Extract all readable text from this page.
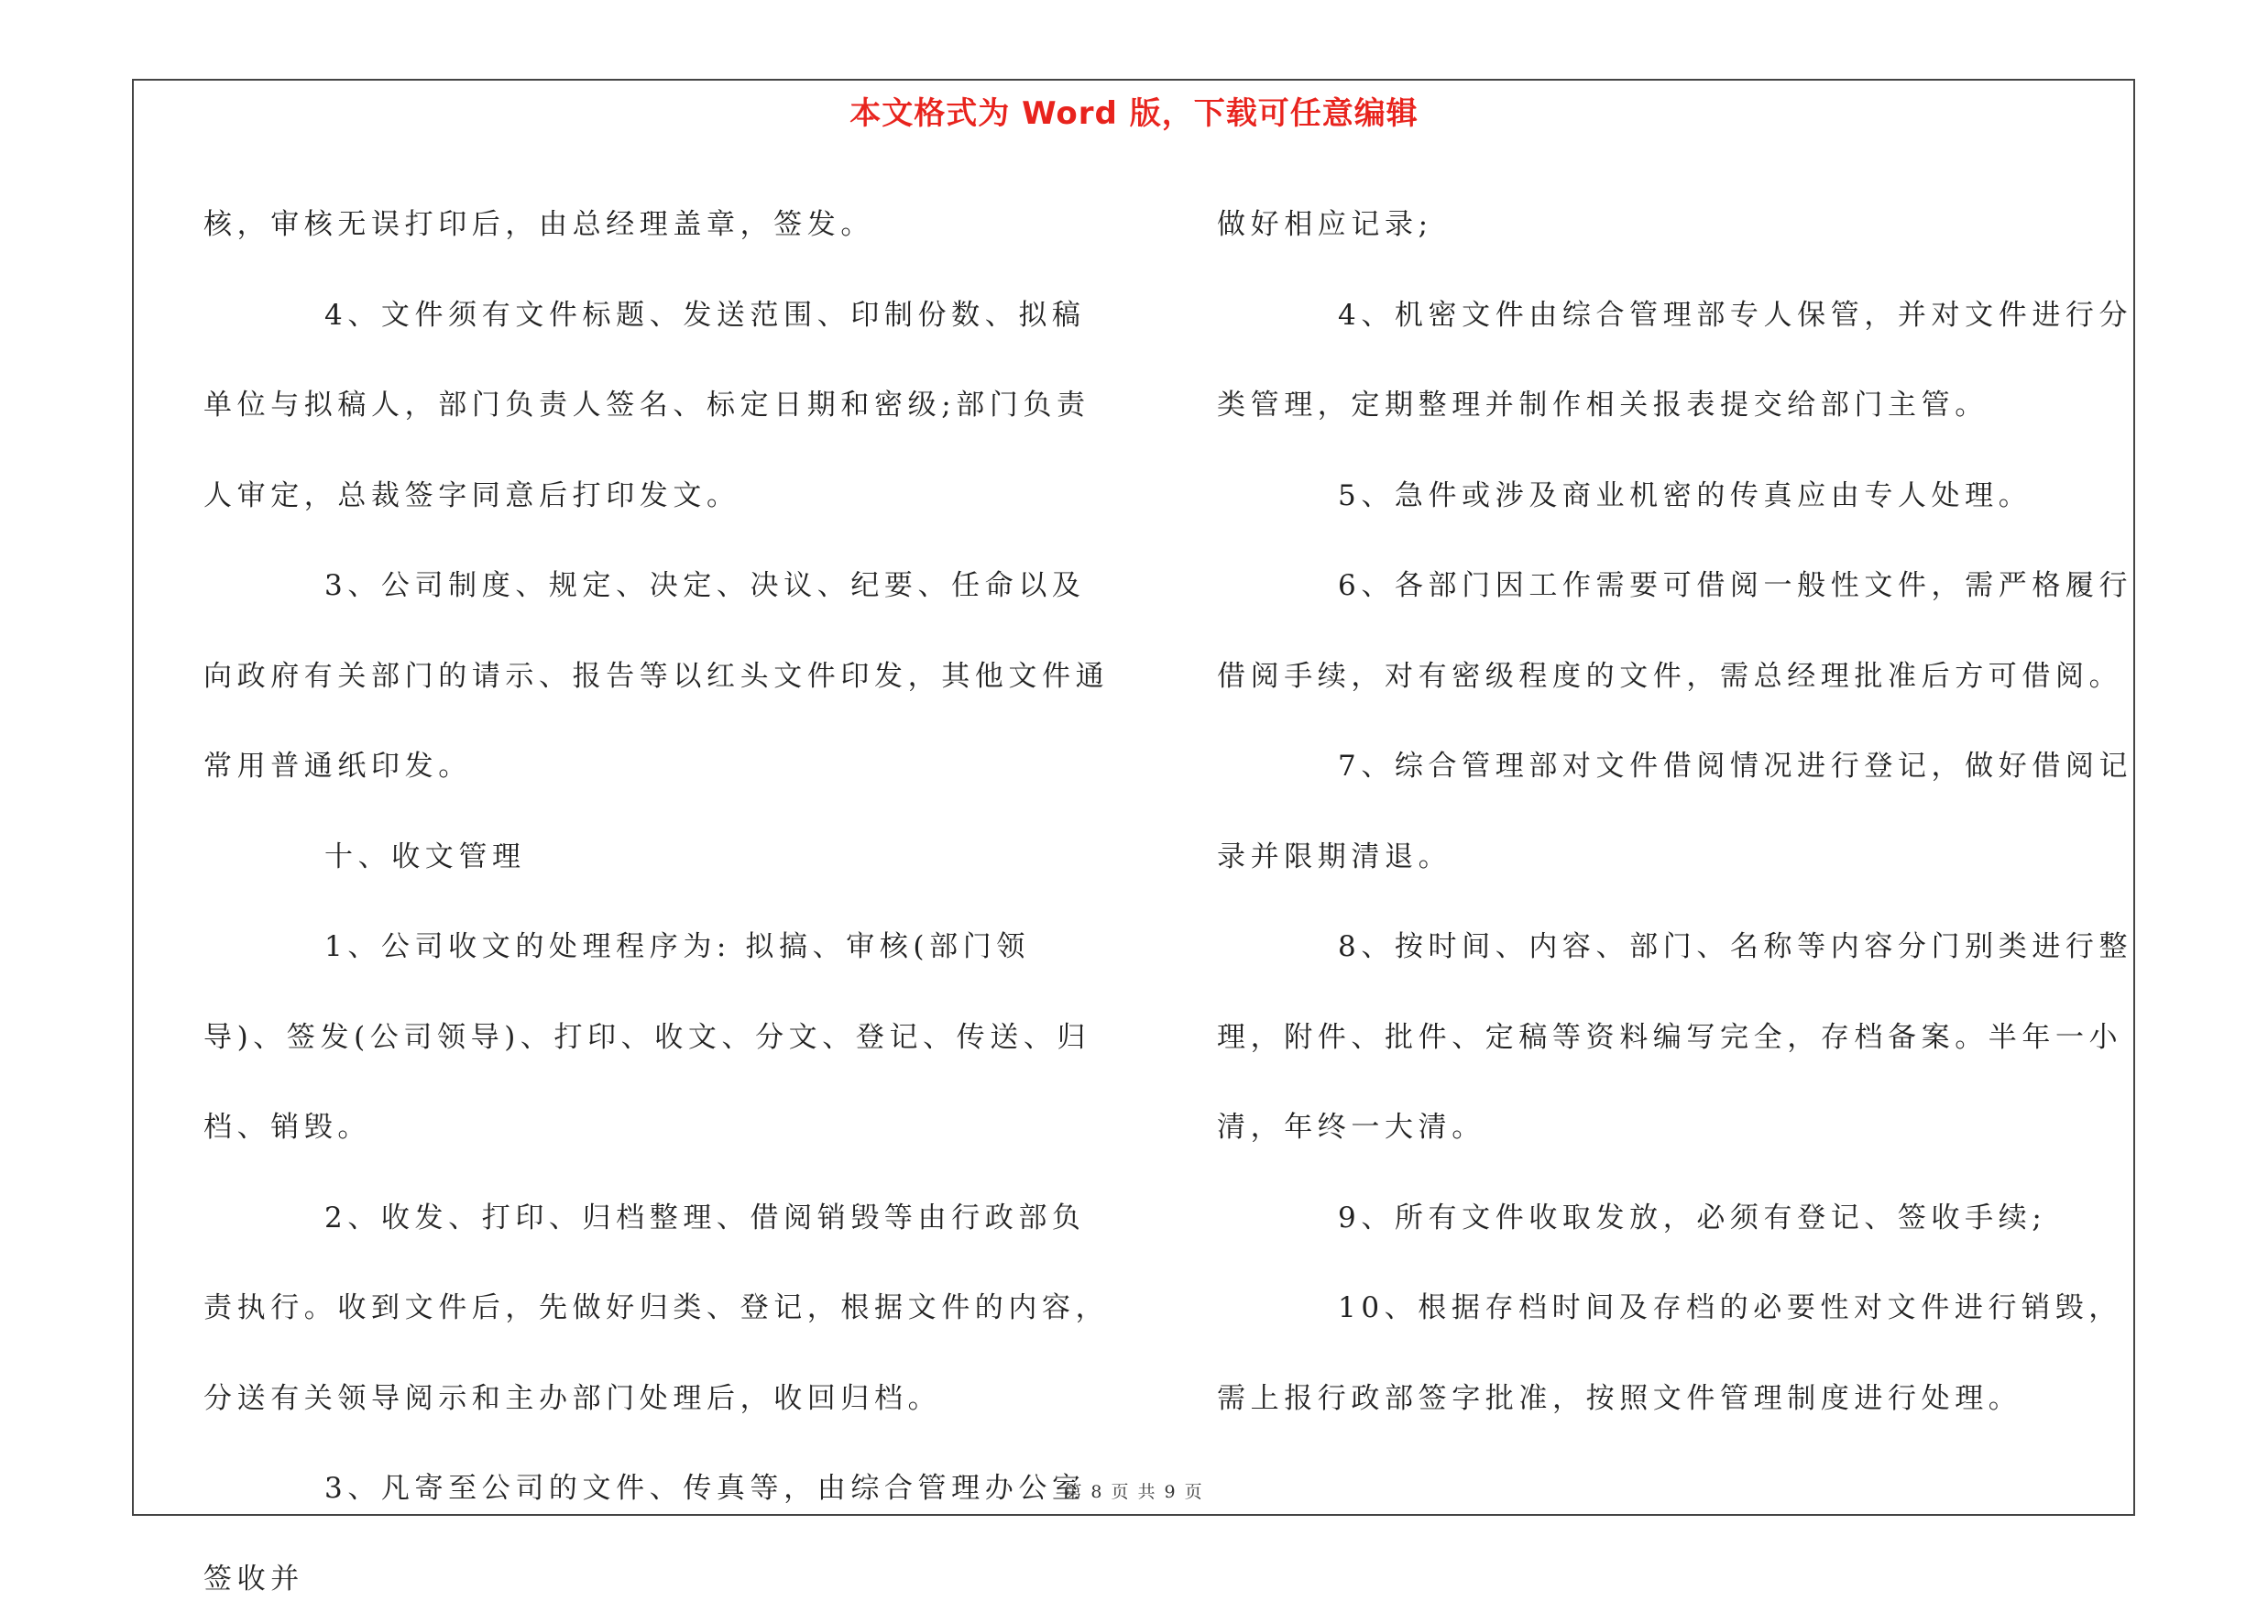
本文格式为 Word 版，下载可任意编辑

核，审核无误打印后，由总经理盖章，签发。

4、文件须有文件标题、发送范围、印制份数、拟稿单位与拟稿人，部门负责人签名、标定日期和密级;部门负责人审定，总裁签字同意后打印发文。

3、公司制度、规定、决定、决议、纪要、任命以及向政府有关部门的请示、报告等以红头文件印发，其他文件通常用普通纸印发。

十、收文管理

1、公司收文的处理程序为: 拟搞、审核(部门领导)、签发(公司领导)、打印、收文、分文、登记、传送、归档、销毁。

2、收发、打印、归档整理、借阅销毁等由行政部负责执行。收到文件后，先做好归类、登记，根据文件的内容，分送有关领导阅示和主办部门处理后，收回归档。

3、凡寄至公司的文件、传真等，由综合管理办公室签收并

做好相应记录;

4、机密文件由综合管理部专人保管，并对文件进行分类管理，定期整理并制作相关报表提交给部门主管。

5、急件或涉及商业机密的传真应由专人处理。

6、各部门因工作需要可借阅一般性文件，需严格履行借阅手续，对有密级程度的文件，需总经理批准后方可借阅。

7、综合管理部对文件借阅情况进行登记，做好借阅记录并限期清退。

8、按时间、内容、部门、名称等内容分门别类进行整理，附件、批件、定稿等资料编写完全，存档备案。半年一小清，年终一大清。

9、所有文件收取发放，必须有登记、签收手续;

10、根据存档时间及存档的必要性对文件进行销毁，需上报行政部签字批准，按照文件管理制度进行处理。

第 8 页 共 9 页
